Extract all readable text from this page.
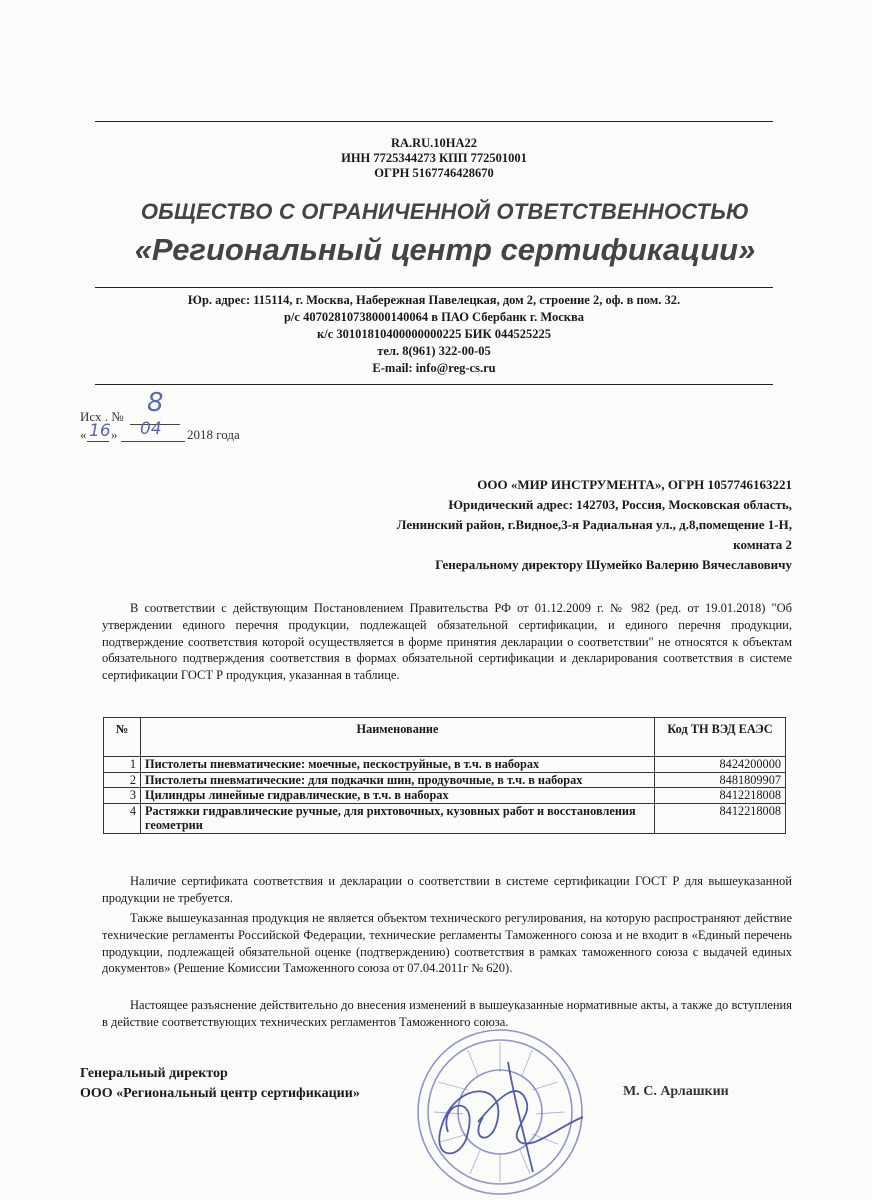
RA.RU.10НА22
ИНН 7725344273 КПП 772501001
ОГРН 5167746428670
ОБЩЕСТВО С ОГРАНИЧЕННОЙ ОТВЕТСТВЕННОСТЬЮ
«Региональный центр сертификации»
Юр. адрес: 115114, г. Москва, Набережная Павелецкая, дом 2, строение 2, оф. в пом. 32.
р/с 40702810738000140064 в ПАО Сбербанк г. Москва
к/с 30101810400000000225 БИК 044525225
тел. 8(961) 322-00-05
E-mail: info@reg-cs.ru
Исх . № 8
« 16 » 04 2018 года
ООО «МИР ИНСТРУМЕНТА», ОГРН 1057746163221
Юридический адрес: 142703, Россия, Московская область,
Ленинский район, г.Видное,3-я Радиальная ул., д.8,помещение 1-Н,
комната 2
Генеральному директору Шумейко Валерию Вячеславовичу
В соответствии с действующим Постановлением Правительства РФ от 01.12.2009 г. № 982 (ред. от 19.01.2018) "Об утверждении единого перечня продукции, подлежащей обязательной сертификации, и единого перечня продукции, подтверждение соответствия которой осуществляется в форме принятия декларации о соответствии" не относятся к объектам обязательного подтверждения соответствия в формах обязательной сертификации и декларирования соответствия в системе сертификации ГОСТ Р продукция, указанная в таблице.
№	Наименование	Код ТН ВЭД ЕАЭС
1	Пистолеты пневматические: моечные, пескоструйные, в т.ч. в наборах	8424200000
2	Пистолеты пневматические: для подкачки шин, продувочные, в т.ч. в наборах	8481809907
3	Цилиндры линейные гидравлические, в т.ч. в наборах	8412218008
4	Растяжки гидравлические ручные, для рихтовочных, кузовных работ и восстановления геометрии	8412218008
Наличие сертификата соответствия и декларации о соответствии в системе сертификации ГОСТ Р для вышеуказанной продукции не требуется.
Также вышеуказанная продукция не является объектом технического регулирования, на которую распространяют действие технические регламенты Российской Федерации, технические регламенты Таможенного союза и не входит в «Единый перечень продукции, подлежащей обязательной оценке (подтверждению) соответствия в рамках таможенного союза с выдачей единых документов» (Решение Комиссии Таможенного союза от 07.04.2011г № 620).
Настоящее разъяснение действительно до внесения изменений в вышеуказанные нормативные акты, а также до вступления в действие соответствующих технических регламентов Таможенного союза.
Генеральный директор
ООО «Региональный центр сертификации»	М. С. Арлашкин
